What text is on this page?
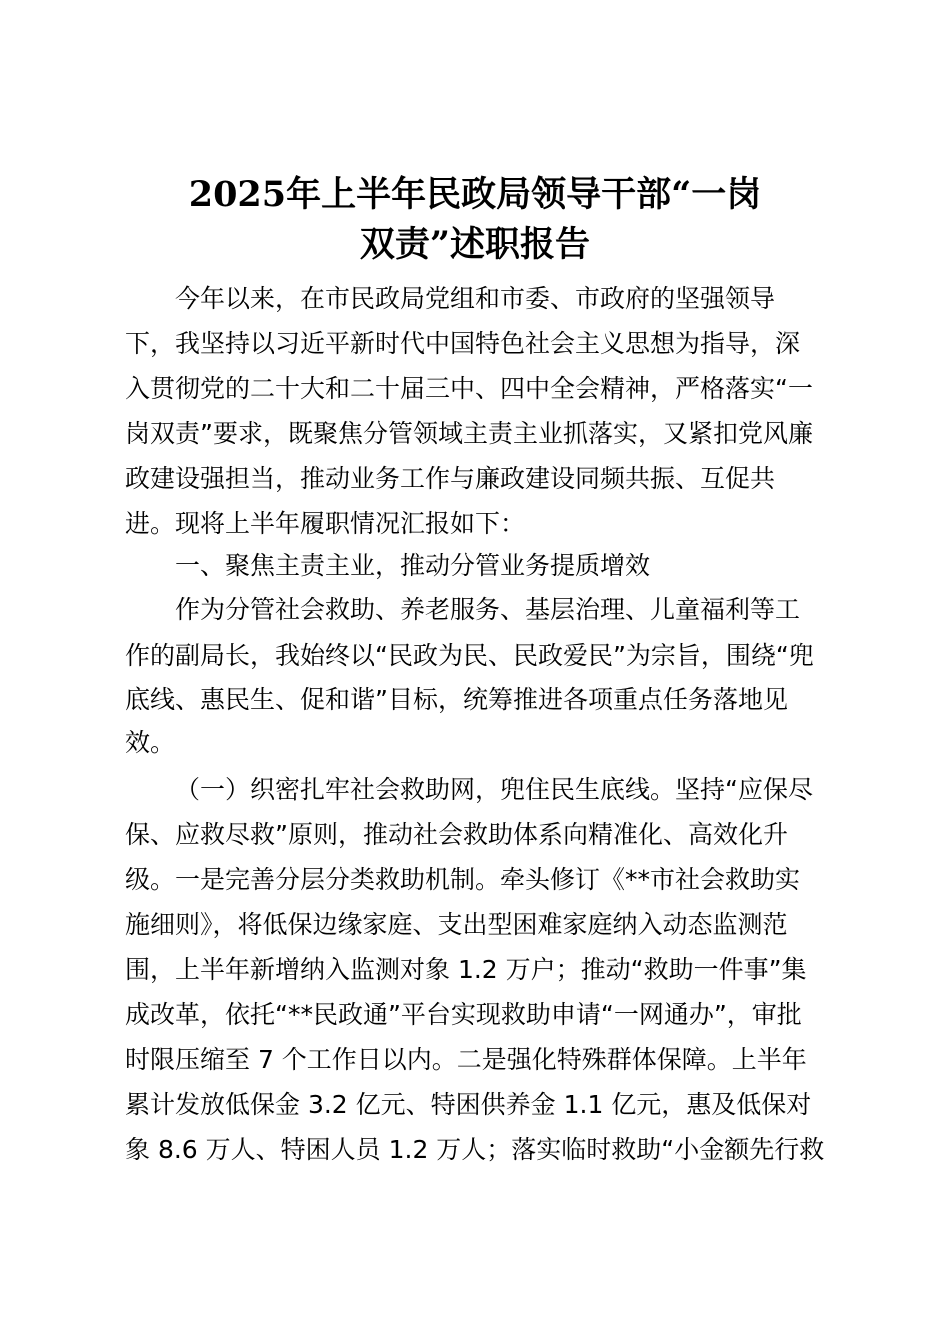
2025年上半年民政局领导干部“一岗
双责”述职报告
今年以来，在市民政局党组和市委、市政府的坚强领导
下，我坚持以习近平新时代中国特色社会主义思想为指导，深
入贯彻党的二十大和二十届三中、四中全会精神，严格落实“一
岗双责”要求，既聚焦分管领域主责主业抓落实，又紧扣党风廉
政建设强担当，推动业务工作与廉政建设同频共振、互促共
进。现将上半年履职情况汇报如下：
一、聚焦主责主业，推动分管业务提质增效
作为分管社会救助、养老服务、基层治理、儿童福利等工
作的副局长，我始终以“民政为民、民政爱民”为宗旨，围绕“兜
底线、惠民生、促和谐”目标，统筹推进各项重点任务落地见
效。
（一）织密扎牢社会救助网，兜住民生底线。坚持“应保尽
保、应救尽救”原则，推动社会救助体系向精准化、高效化升
级。一是完善分层分类救助机制。牵头修订《**市社会救助实
施细则》，将低保边缘家庭、支出型困难家庭纳入动态监测范
围，上半年新增纳入监测对象 1.2 万户；推动“救助一件事”集
成改革，依托“**民政通”平台实现救助申请“一网通办”，审批
时限压缩至 7 个工作日以内。二是强化特殊群体保障。上半年
累计发放低保金 3.2 亿元、特困供养金 1.1 亿元，惠及低保对
象 8.6 万人、特困人员 1.2 万人；落实临时救助“小金额先行救
